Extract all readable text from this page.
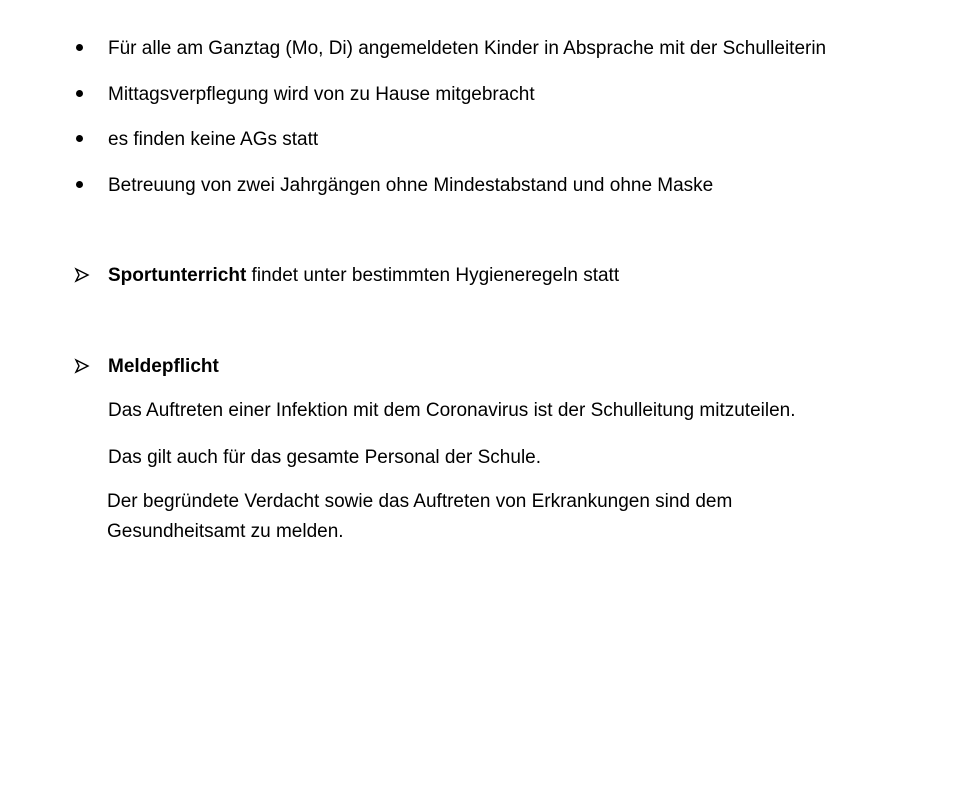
Für alle am Ganztag (Mo, Di) angemeldeten Kinder in Absprache mit der Schulleiterin
Mittagsverpflegung wird von zu Hause mitgebracht
es finden keine AGs statt
Betreuung von zwei Jahrgängen ohne Mindestabstand und ohne Maske
Sportunterricht findet unter bestimmten Hygieneregeln statt
Meldepflicht
Das Auftreten einer Infektion mit dem Coronavirus ist der Schulleitung mitzuteilen.
Das gilt auch für das gesamte Personal der Schule.
Der begründete Verdacht sowie das Auftreten von Erkrankungen sind dem
Gesundheitsamt zu melden.
